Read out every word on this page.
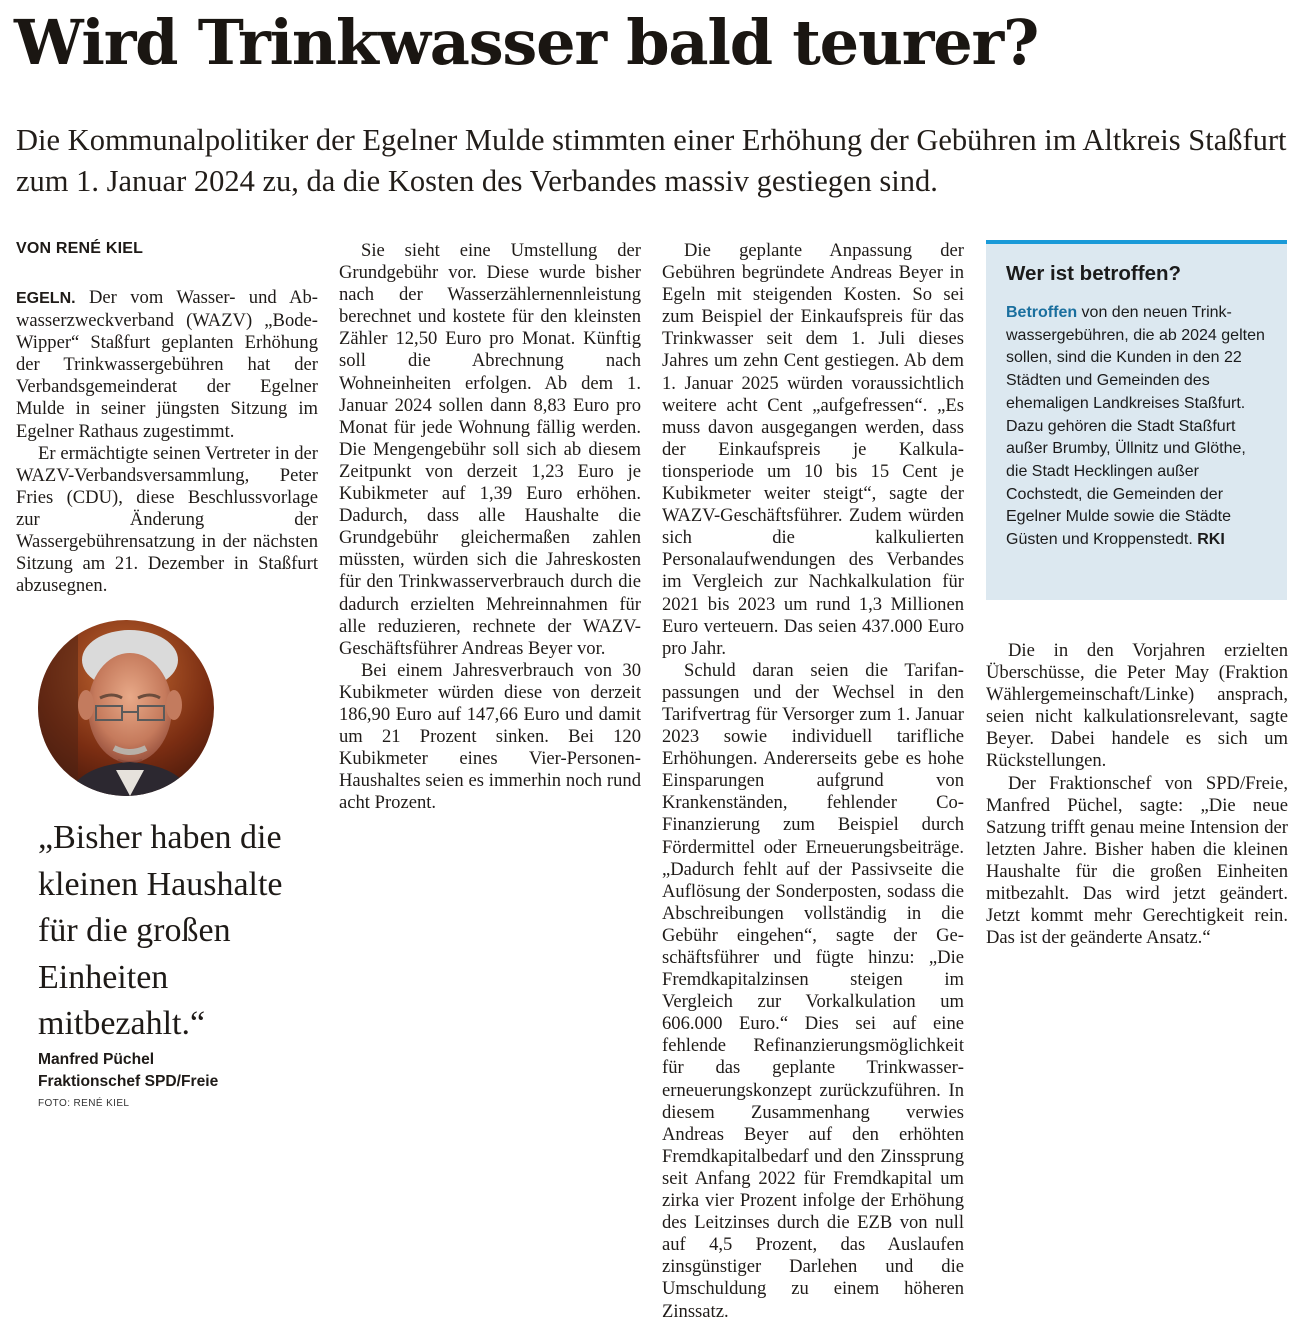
Wird Trinkwasser bald teurer?

Die Kommunalpolitiker der Egelner Mulde stimmten einer Erhöhung der Gebühren im Altkreis Staßfurt zum 1. Januar 2024 zu, da die Kosten des Verbandes massiv gestiegen sind.

VON RENÉ KIEL

EGELN. Der vom Wasser- und Abwasserzweckverband (WAZV) „Bode-Wipper“ Staßfurt geplanten Erhöhung der Trinkwassergebühren hat der Verbandsgemeinderat der Egelner Mulde in seiner jüngsten Sitzung im Egelner Rathaus zugestimmt.

Er ermächtigte seinen Vertreter in der WAZV-Verbandsversammlung, Peter Fries (CDU), diese Beschlussvorlage zur Änderung der Wassergebührensatzung in der nächsten Sitzung am 21. Dezember in Staßfurt abzusegnen.

„Bisher haben die kleinen Haushalte für die großen Einheiten mitbezahlt.“

Manfred Püchel

Fraktionschef SPD/Freie

FOTO: RENÉ KIEL

Sie sieht eine Umstellung der Grundgebühr vor. Diese wurde bisher nach der Wasserzählernennleistung berechnet und kostete für den kleinsten Zähler 12,50 Euro pro Monat. Künftig soll die Abrechnung nach Wohneinheiten erfolgen. Ab dem 1. Januar 2024 sollen dann 8,83 Euro pro Monat für jede Wohnung fällig werden. Die Mengengebühr soll sich ab diesem Zeitpunkt von derzeit 1,23 Euro je Kubikmeter auf 1,39 Euro erhöhen. Dadurch, dass alle Haushalte die Grundgebühr gleichermaßen zahlen müssten, würden sich die Jahreskosten für den Trinkwasserverbrauch durch die dadurch erzielten Mehreinnahmen für alle reduzieren, rechnete der WAZV-Geschäftsführer Andreas Beyer vor.

Bei einem Jahresverbrauch von 30 Kubikmeter würden diese von derzeit 186,90 Euro auf 147,66 Euro und damit um 21 Prozent sinken. Bei 120 Kubikmeter eines Vier-Personen-Haushaltes seien es immerhin noch rund acht Prozent.

Die geplante Anpassung der Gebühren begründete Andreas Beyer in Egeln mit steigenden Kosten. So sei zum Beispiel der Einkaufspreis für das Trinkwasser seit dem 1. Juli dieses Jahres um zehn Cent gestiegen. Ab dem 1. Januar 2025 würden voraussichtlich weitere acht Cent „aufgefressen“. „Es muss davon ausgegangen werden, dass der Einkaufspreis je Kalkulationsperiode um 10 bis 15 Cent je Kubikmeter weiter steigt“, sagte der WAZV-Geschäftsführer. Zudem würden sich die kalkulierten Personalaufwendungen des Verbandes im Vergleich zur Nachkalkulation für 2021 bis 2023 um rund 1,3 Millionen Euro verteuern. Das seien 437.000 Euro pro Jahr.

Schuld daran seien die Tarifanpassungen und der Wechsel in den Tarifvertrag für Versorger zum 1. Januar 2023 sowie individuell tarifliche Erhöhungen. Andererseits gebe es hohe Einsparungen aufgrund von Krankenständen, fehlender Co-Finanzierung zum Beispiel durch Fördermittel oder Erneuerungsbeiträge. „Dadurch fehlt auf der Passivseite die Auflösung der Sonderposten, sodass die Abschreibungen vollständig in die Gebühr eingehen“, sagte der Geschäftsführer und fügte hinzu: „Die Fremdkapitalzinsen steigen im Vergleich zur Vorkalkulation um 606.000 Euro.“ Dies sei auf eine fehlende Refinanzierungsmöglichkeit für das geplante Trinkwassererneuerungskonzept zurückzuführen. In diesem Zusammenhang verwies Andreas Beyer auf den erhöhten Fremdkapitalbedarf und den Zinssprung seit Anfang 2022 für Fremdkapital um zirka vier Prozent infolge der Erhöhung des Leitzinses durch die EZB von null auf 4,5 Prozent, das Auslaufen zinsgünstiger Darlehen und die Umschuldung zu einem höheren Zinssatz.

Wer ist betroffen?

Betroffen von den neuen Trinkwassergebühren, die ab 2024 gelten sollen, sind die Kunden in den 22 Städten und Gemeinden des ehemaligen Landkreises Staßfurt. Dazu gehören die Stadt Staßfurt außer Brumby, Üllnitz und Glöthe, die Stadt Hecklingen außer Cochstedt, die Gemeinden der Egelner Mulde sowie die Städte Güsten und Kroppenstedt. RKI

Die in den Vorjahren erzielten Überschüsse, die Peter May (Fraktion Wählergemeinschaft/Linke) ansprach, seien nicht kalkulationsrelevant, sagte Beyer. Dabei handele es sich um Rückstellungen.

Der Fraktionschef von SPD/Freie, Manfred Püchel, sagte: „Die neue Satzung trifft genau meine Intension der letzten Jahre. Bisher haben die kleinen Haushalte für die großen Einheiten mitbezahlt. Das wird jetzt geändert. Jetzt kommt mehr Gerechtigkeit rein. Das ist der geänderte Ansatz.“
